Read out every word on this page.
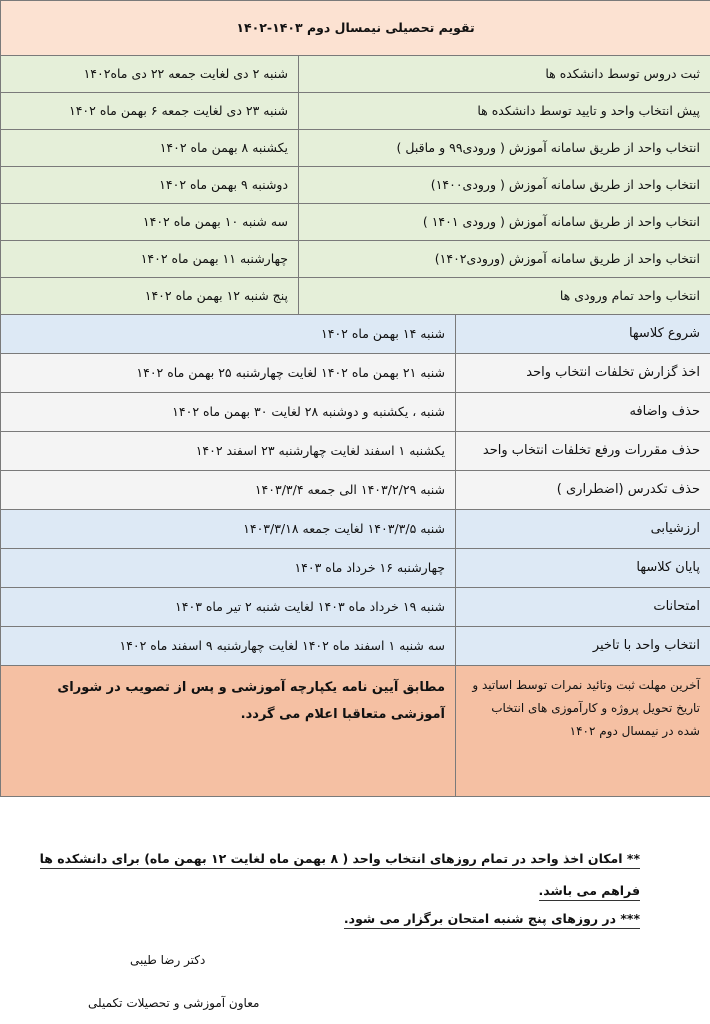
تقویم تحصیلی نیمسال دوم ۱۴۰۳-۱۴۰۲	
ثبت دروس توسط دانشکده ها	شنبه ۲ دی لغایت جمعه ۲۲ دی ماه۱۴۰۲
پیش انتخاب واحد و تایید توسط دانشکده ها	شنبه ۲۳ دی لغایت جمعه ۶ بهمن ماه ۱۴۰۲
انتخاب واحد از طریق سامانه آموزش ( ورودی۹۹ و ماقبل )	یکشنبه ۸ بهمن ماه ۱۴۰۲
انتخاب واحد از طریق سامانه آموزش ( ورودی۱۴۰۰)	دوشنبه ۹ بهمن ماه ۱۴۰۲
انتخاب واحد از طریق سامانه آموزش ( ورودی ۱۴۰۱ )	سه شنبه ۱۰ بهمن ماه ۱۴۰۲
انتخاب واحد از طریق سامانه آموزش (ورودی۱۴۰۲)	چهارشنبه ۱۱ بهمن ماه ۱۴۰۲
انتخاب واحد تمام ورودی ها	پنج شنبه ۱۲ بهمن ماه ۱۴۰۲
شروع کلاسها	شنبه ۱۴ بهمن ماه ۱۴۰۲
اخذ گزارش تخلفات انتخاب واحد	شنبه ۲۱ بهمن ماه ۱۴۰۲ لغایت چهارشنبه ۲۵ بهمن ماه ۱۴۰۲
حذف واضافه	شنبه ، یکشنبه و دوشنبه ۲۸ لغایت ۳۰ بهمن ماه ۱۴۰۲
حذف مقررات ورفع تخلفات انتخاب واحد	یکشنبه ۱ اسفند لغایت چهارشنبه ۲۳ اسفند ۱۴۰۲
حذف تکدرس (اضطراری )	شنبه ۱۴۰۳/۲/۲۹ الی جمعه ۱۴۰۳/۳/۴
ارزشیابی	شنبه ۱۴۰۳/۳/۵ لغایت جمعه ۱۴۰۳/۳/۱۸
پایان کلاسها	چهارشنبه ۱۶ خرداد ماه ۱۴۰۳
امتحانات	شنبه ۱۹ خرداد ماه ۱۴۰۳ لغایت شنبه ۲ تیر ماه ۱۴۰۳
انتخاب واحد با تاخیر	سه شنبه ۱ اسفند ماه ۱۴۰۲ لغایت چهارشنبه ۹ اسفند ماه ۱۴۰۲
آخرین مهلت ثبت وتائید نمرات توسط اساتید و تاریخ تحویل پروژه و کارآموزی های انتخاب شده در نیمسال دوم ۱۴۰۲	مطابق آیین نامه یکپارچه آموزشی و پس از تصویب در شورای آموزشی متعاقبا اعلام می گردد.
** امکان اخذ واحد در تمام روزهای انتخاب واحد ( ۸ بهمن ماه لغایت ۱۲ بهمن ماه) برای دانشکده ها
فراهم می باشد.
*** در روزهای پنج شنبه امتحان برگزار می شود.
دکتر رضا طیبی
معاون آموزشی و تحصیلات تکمیلی
